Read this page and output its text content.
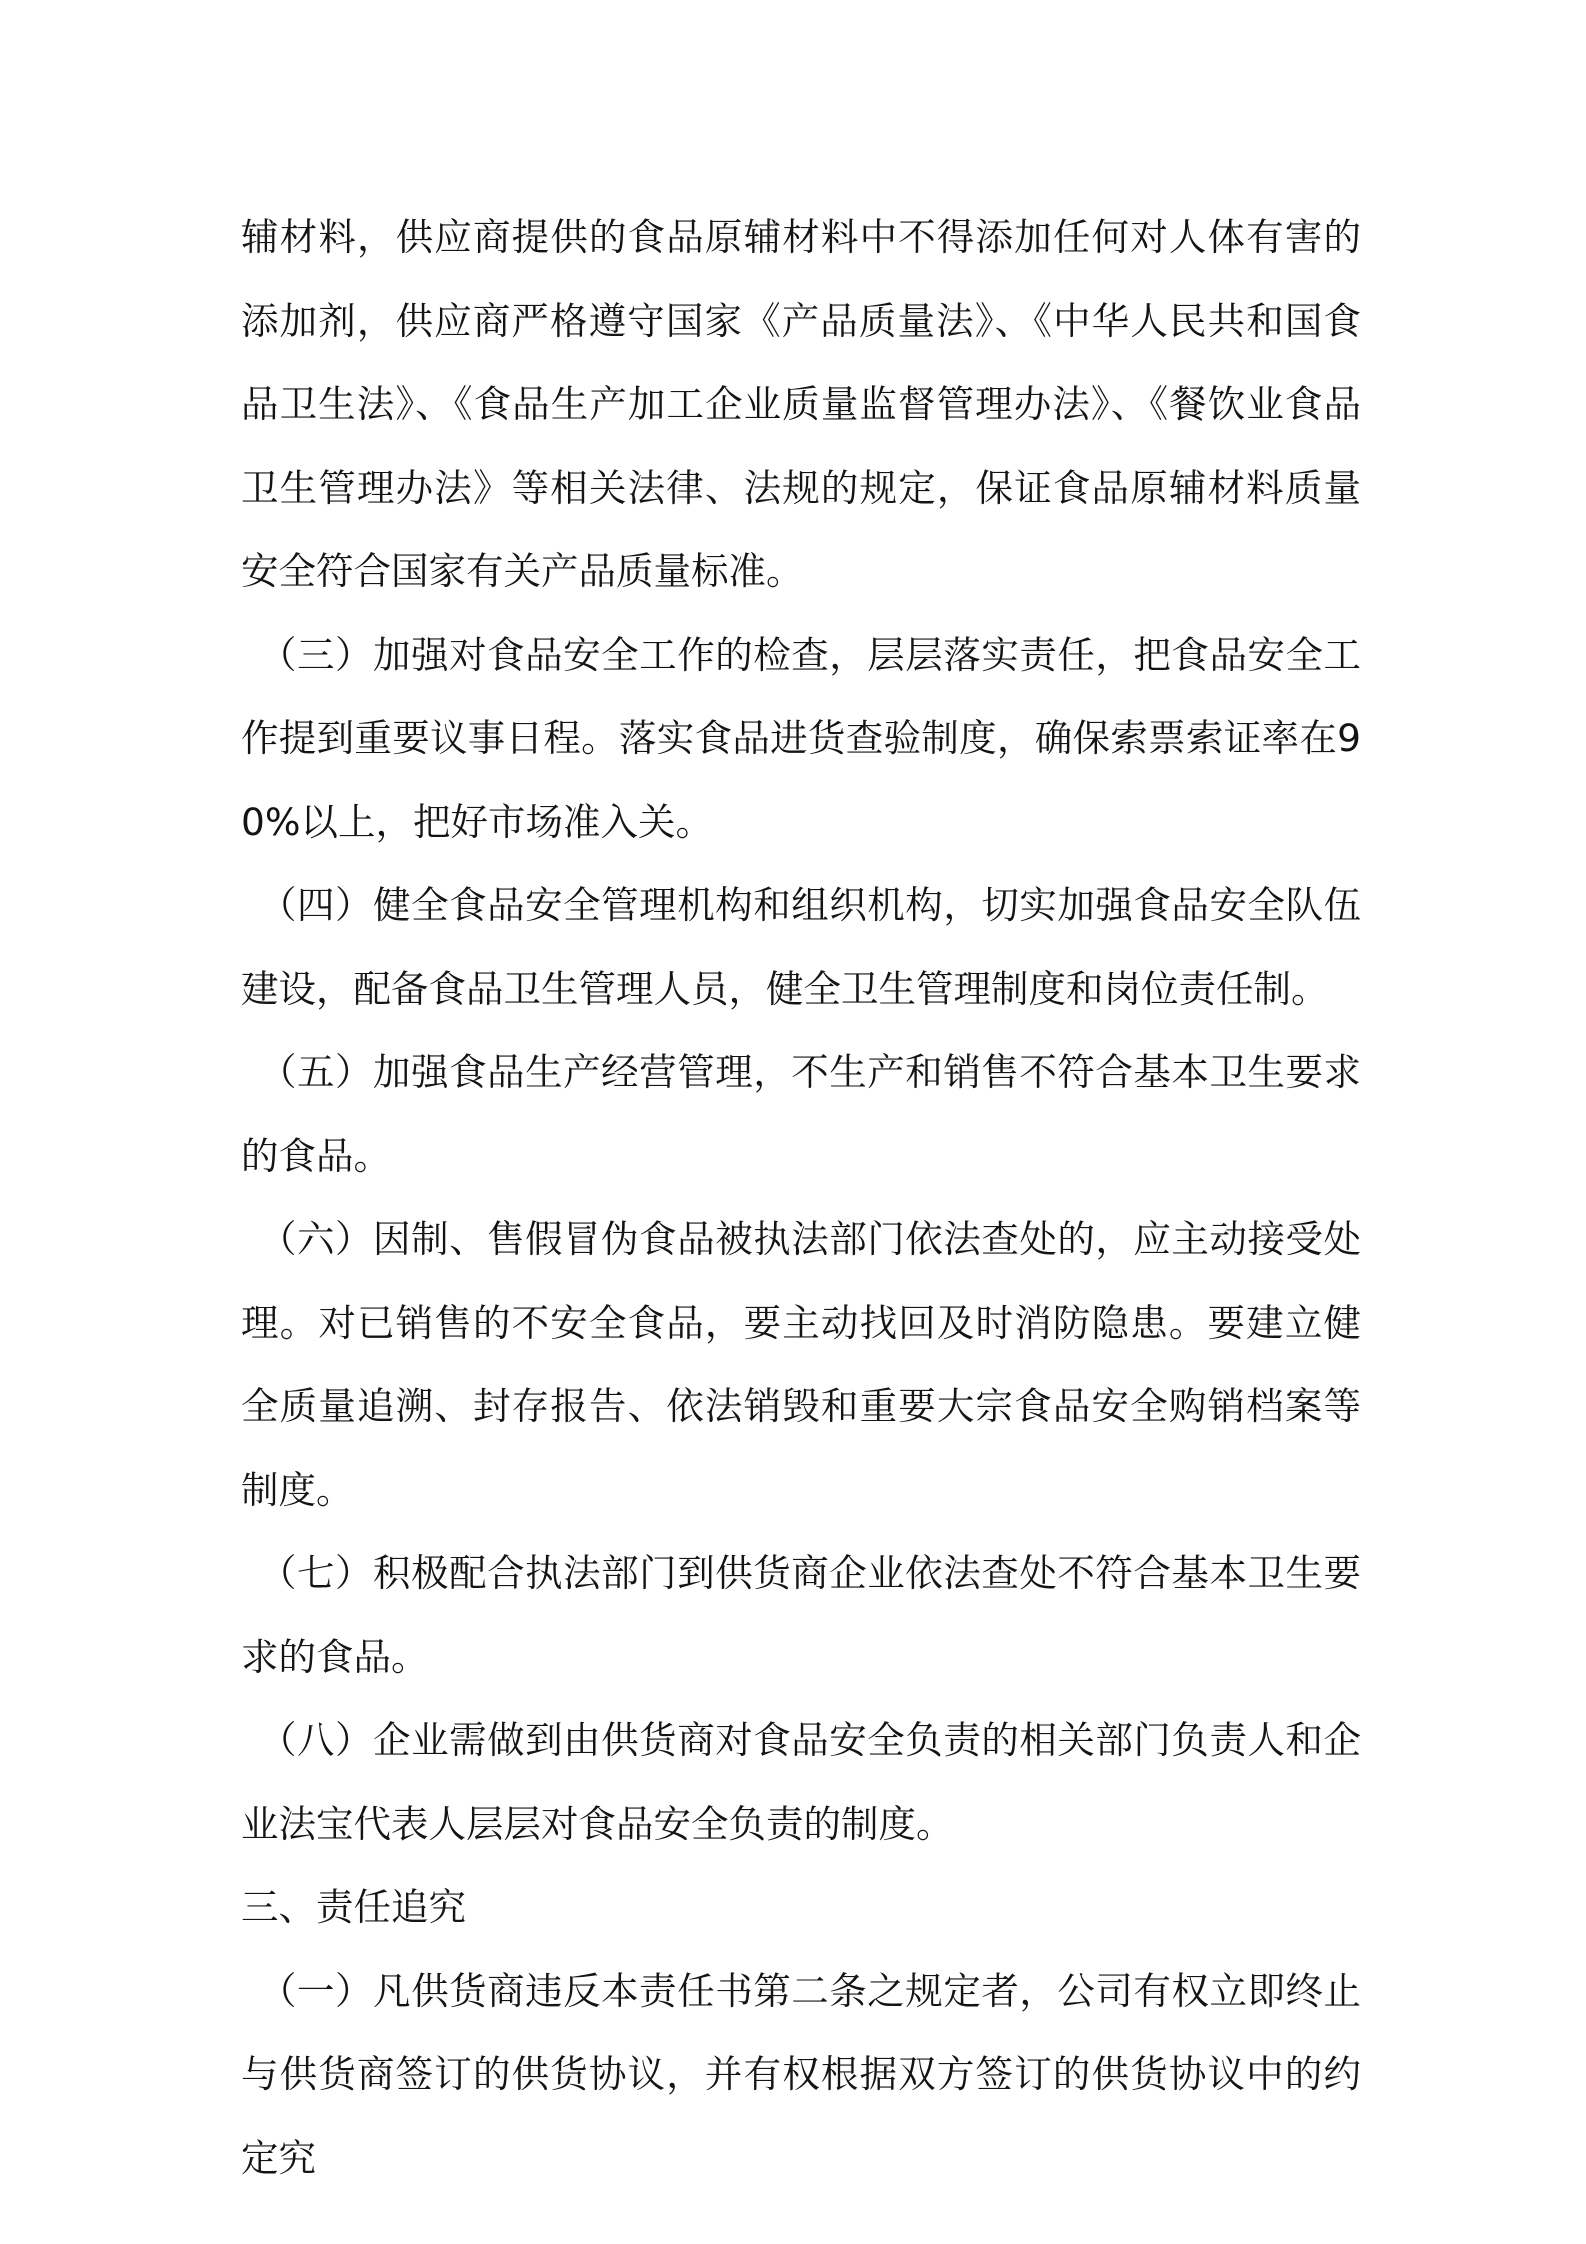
辅材料，供应商提供的食品原辅材料中不得添加任何对人体有害的添加剂，供应商严格遵守国家《产品质量法》、《中华人民共和国食品卫生法》、《食品生产加工企业质量监督管理办法》、《餐饮业食品卫生管理办法》等相关法律、法规的规定，保证食品原辅材料质量安全符合国家有关产品质量标准。

（三）加强对食品安全工作的检查，层层落实责任，把食品安全工作提到重要议事日程。落实食品进货查验制度，确保索票索证率在90%以上，把好市场准入关。

（四）健全食品安全管理机构和组织机构，切实加强食品安全队伍建设，配备食品卫生管理人员，健全卫生管理制度和岗位责任制。

（五）加强食品生产经营管理，不生产和销售不符合基本卫生要求的食品。

（六）因制、售假冒伪食品被执法部门依法查处的，应主动接受处理。对已销售的不安全食品，要主动找回及时消防隐患。要建立健全质量追溯、封存报告、依法销毁和重要大宗食品安全购销档案等制度。

（七）积极配合执法部门到供货商企业依法查处不符合基本卫生要求的食品。

（八）企业需做到由供货商对食品安全负责的相关部门负责人和企业法宝代表人层层对食品安全负责的制度。

三、责任追究

（一）凡供货商违反本责任书第二条之规定者，公司有权立即终止与供货商签订的供货协议，并有权根据双方签订的供货协议中的约定究
